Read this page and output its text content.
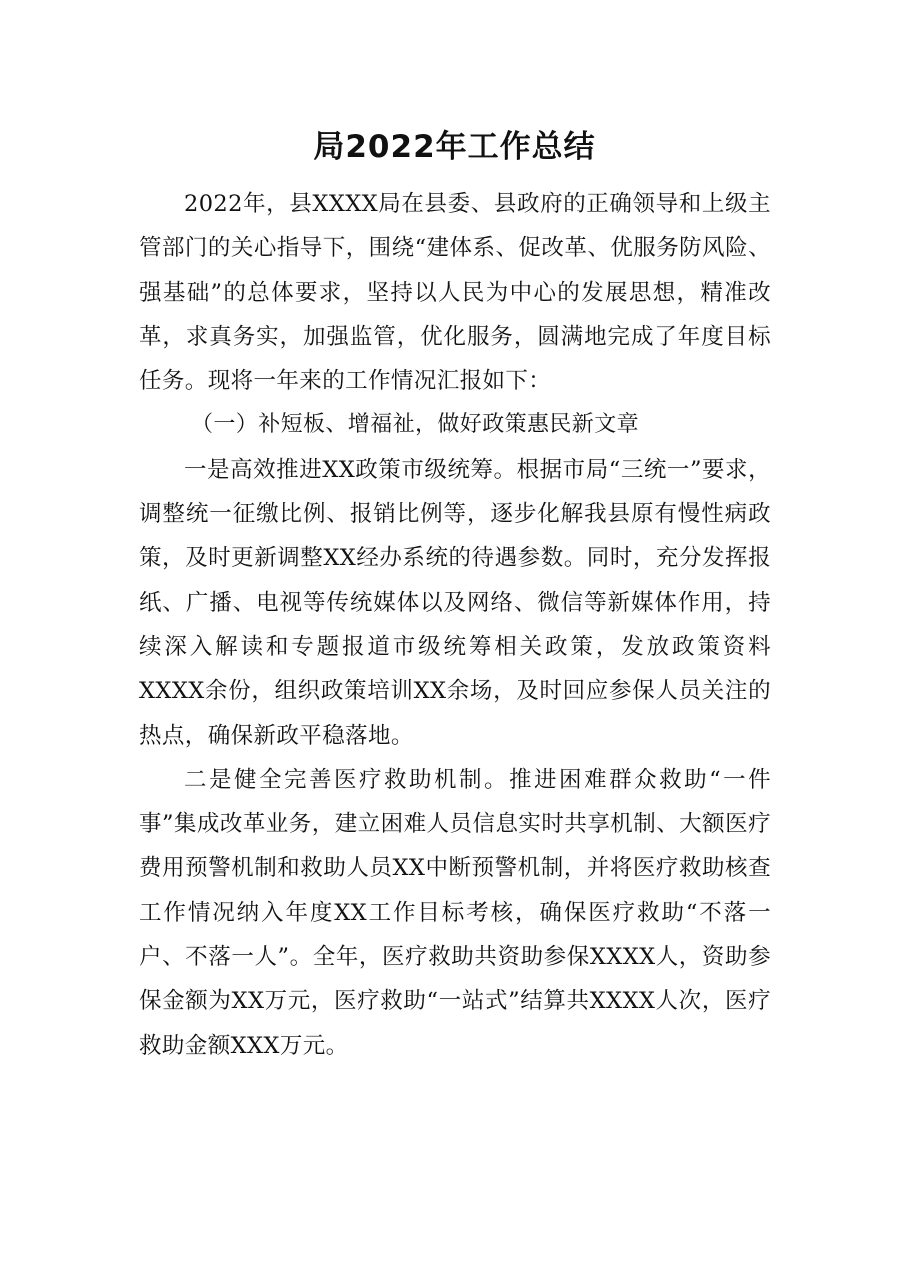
局2022年工作总结

2022年，县XXXX局在县委、县政府的正确领导和上级主管部门的关心指导下，围绕“建体系、促改革、优服务防风险、强基础”的总体要求，坚持以人民为中心的发展思想，精准改革，求真务实，加强监管，优化服务，圆满地完成了年度目标任务。现将一年来的工作情况汇报如下：

（一）补短板、增福祉，做好政策惠民新文章

一是高效推进XX政策市级统筹。根据市局“三统一”要求，调整统一征缴比例、报销比例等，逐步化解我县原有慢性病政策，及时更新调整XX经办系统的待遇参数。同时，充分发挥报纸、广播、电视等传统媒体以及网络、微信等新媒体作用，持续深入解读和专题报道市级统筹相关政策，发放政策资料XXXX余份，组织政策培训XX余场，及时回应参保人员关注的热点，确保新政平稳落地。

二是健全完善医疗救助机制。推进困难群众救助“一件事”集成改革业务，建立困难人员信息实时共享机制、大额医疗费用预警机制和救助人员XX中断预警机制，并将医疗救助核查工作情况纳入年度XX工作目标考核，确保医疗救助“不落一户、不落一人”。全年，医疗救助共资助参保XXXX人，资助参保金额为XX万元，医疗救助“一站式”结算共XXXX人次，医疗救助金额XXX万元。
